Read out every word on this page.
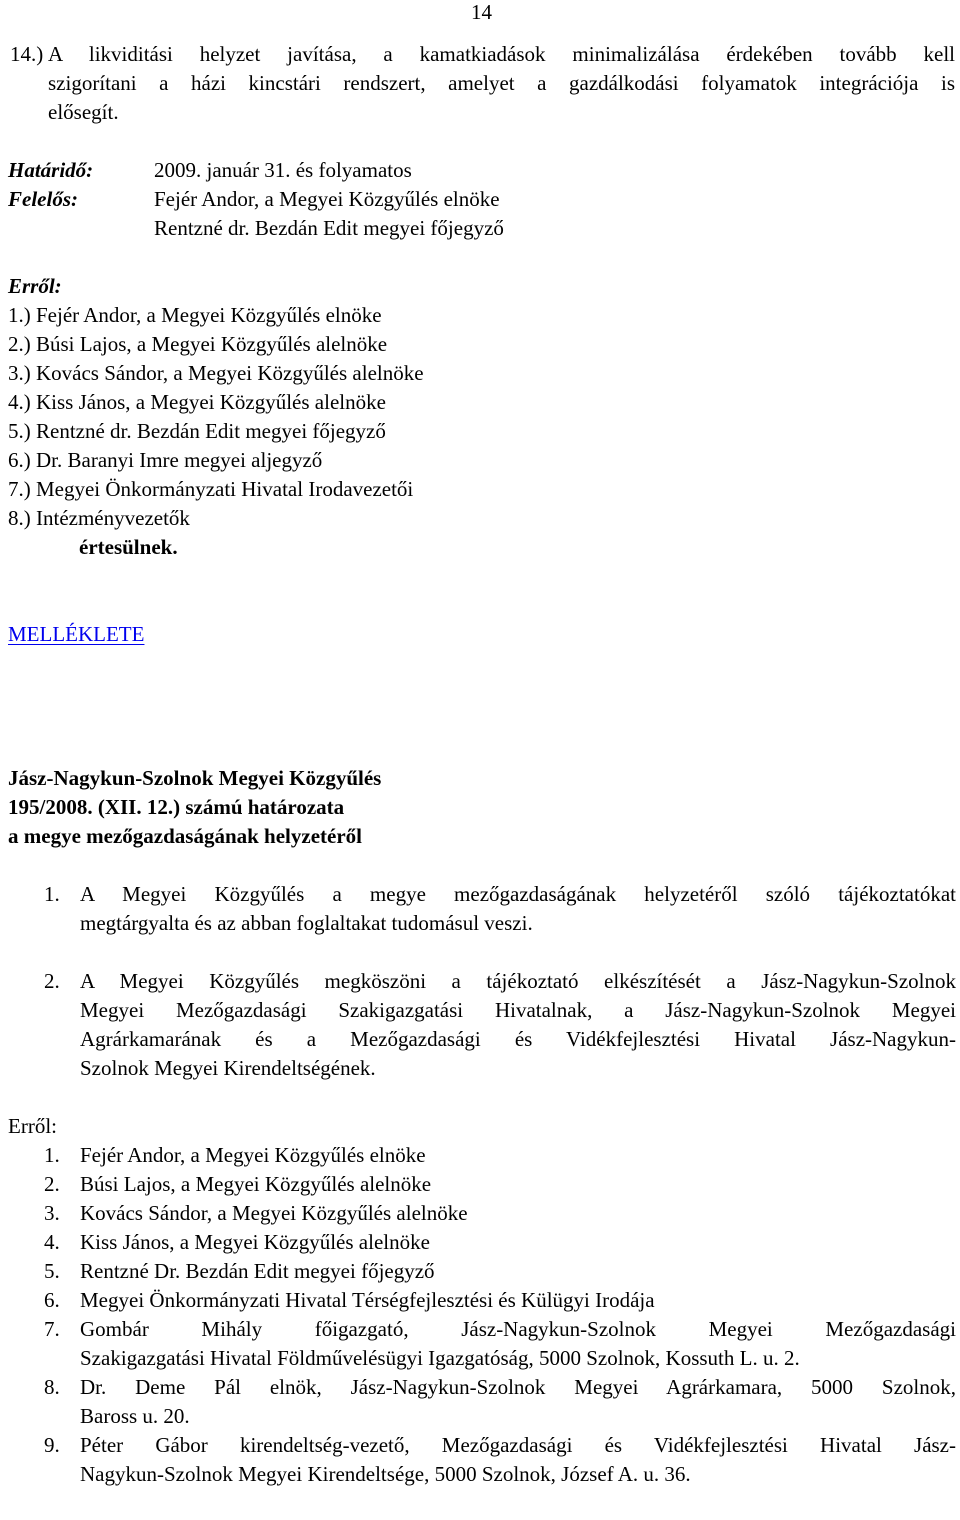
14
14.) A likviditási helyzet javítása, a kamatkiadások minimalizálása érdekében tovább kell
szigorítani a házi kincstári rendszert, amelyet a gazdálkodási folyamatok integrációja is
elősegít.
Határidő:	2009. január 31. és folyamatos
Felelős:	Fejér Andor, a Megyei Közgyűlés elnöke
Rentzné dr. Bezdán Edit megyei főjegyző
Erről:
1.) Fejér Andor, a Megyei Közgyűlés elnöke
2.) Búsi Lajos, a Megyei Közgyűlés alelnöke
3.) Kovács Sándor, a Megyei Közgyűlés alelnöke
4.) Kiss János, a Megyei Közgyűlés alelnöke
5.) Rentzné dr. Bezdán Edit megyei főjegyző
6.) Dr. Baranyi Imre megyei aljegyző
7.) Megyei Önkormányzati Hivatal Irodavezetői
8.) Intézményvezetők
értesülnek.
MELLÉKLETE
Jász-Nagykun-Szolnok Megyei Közgyűlés
195/2008. (XII. 12.) számú határozata
a megye mezőgazdaságának helyzetéről
1. A Megyei Közgyűlés a megye mezőgazdaságának helyzetéről szóló tájékoztatókat
megtárgyalta és az abban foglaltakat tudomásul veszi.
2. A Megyei Közgyűlés megköszöni a tájékoztató elkészítését a Jász-Nagykun-Szolnok
Megyei Mezőgazdasági Szakigazgatási Hivatalnak, a Jász-Nagykun-Szolnok Megyei
Agrárkamarának és a Mezőgazdasági és Vidékfejlesztési Hivatal Jász-Nagykun-
Szolnok Megyei Kirendeltségének.
Erről:
1. Fejér Andor, a Megyei Közgyűlés elnöke
2. Búsi Lajos, a Megyei Közgyűlés alelnöke
3. Kovács Sándor, a Megyei Közgyűlés alelnöke
4. Kiss János, a Megyei Közgyűlés alelnöke
5. Rentzné Dr. Bezdán Edit megyei főjegyző
6. Megyei Önkormányzati Hivatal Térségfejlesztési és Külügyi Irodája
7. Gombár Mihály főigazgató, Jász-Nagykun-Szolnok Megyei Mezőgazdasági
Szakigazgatási Hivatal Földművelésügyi Igazgatóság, 5000 Szolnok, Kossuth L. u. 2.
8. Dr. Deme Pál elnök, Jász-Nagykun-Szolnok Megyei Agrárkamara, 5000 Szolnok,
Baross u. 20.
9. Péter Gábor kirendeltség-vezető, Mezőgazdasági és Vidékfejlesztési Hivatal Jász-
Nagykun-Szolnok Megyei Kirendeltsége, 5000 Szolnok, József A. u. 36.
